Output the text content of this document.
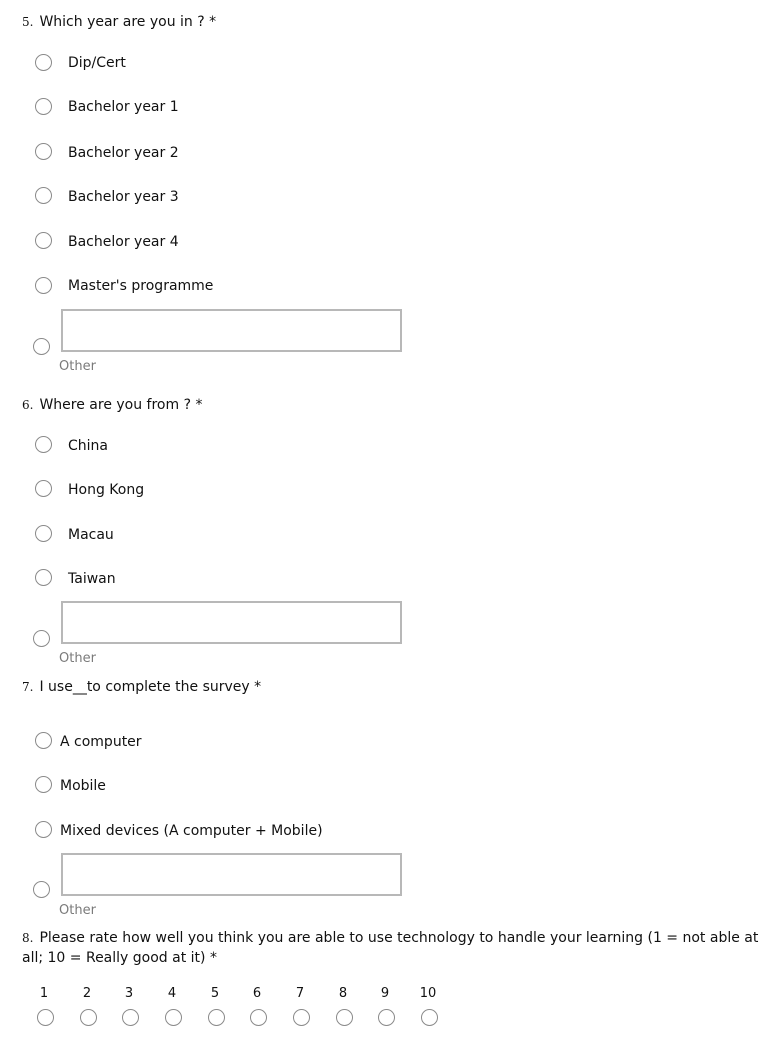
5. Which year are you in ? *
Dip/Cert
Bachelor year 1
Bachelor year 2
Bachelor year 3
Bachelor year 4
Master's programme
Other
6. Where are you from ? *
China
Hong Kong
Macau
Taiwan
Other
7. I use__to complete the survey *
A computer
Mobile
Mixed devices (A computer + Mobile)
Other
8. Please rate how well you think you are able to use technology to handle your learning (1 = not able at all; 10 = Really good at it) *
1	2	3	4	5	6	7	8	9	10
